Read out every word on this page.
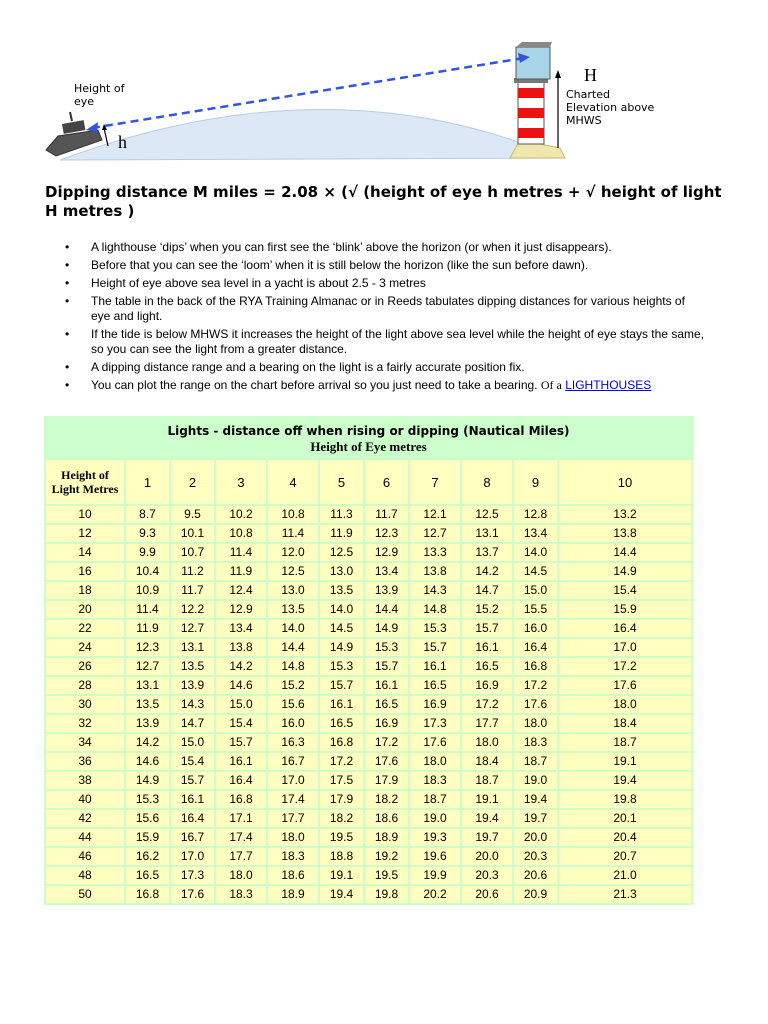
Height of eye
h
H
Charted Elevation above MHWS
Dipping distance M miles = 2.08 × (√ (height of eye h metres + √ height of light H metres )
• A lighthouse ‘dips’ when you can first see the ‘blink’ above the horizon (or when it just disappears).
• Before that you can see the ‘loom’ when it is still below the horizon (like the sun before dawn).
• Height of eye above sea level in a yacht is about 2.5 - 3 metres
• The table in the back of the RYA Training Almanac or in Reeds tabulates dipping distances for various heights of eye and light.
• If the tide is below MHWS it increases the height of the light above sea level while the height of eye stays the same, so you can see the light from a greater distance.
• A dipping distance range and a bearing on the light is a fairly accurate position fix.
• You can plot the range on the chart before arrival so you just need to take a bearing. Of a LIGHTHOUSES
Lights - distance off when rising or dipping (Nautical Miles)
Height of Eye metres										

Height of Light Metres	1	2	3	4	5	6	7	8	9	10
10	8.7	9.5	10.2	10.8	11.3	11.7	12.1	12.5	12.8	13.2
12	9.3	10.1	10.8	11.4	11.9	12.3	12.7	13.1	13.4	13.8
14	9.9	10.7	11.4	12.0	12.5	12.9	13.3	13.7	14.0	14.4
16	10.4	11.2	11.9	12.5	13.0	13.4	13.8	14.2	14.5	14.9
18	10.9	11.7	12.4	13.0	13.5	13.9	14.3	14.7	15.0	15.4
20	11.4	12.2	12.9	13.5	14.0	14.4	14.8	15.2	15.5	15.9
22	11.9	12.7	13.4	14.0	14.5	14.9	15.3	15.7	16.0	16.4
24	12.3	13.1	13.8	14.4	14.9	15.3	15.7	16.1	16.4	17.0
26	12.7	13.5	14.2	14.8	15.3	15.7	16.1	16.5	16.8	17.2
28	13.1	13.9	14.6	15.2	15.7	16.1	16.5	16.9	17.2	17.6
30	13.5	14.3	15.0	15.6	16.1	16.5	16.9	17.2	17.6	18.0
32	13.9	14.7	15.4	16.0	16.5	16.9	17.3	17.7	18.0	18.4
34	14.2	15.0	15.7	16.3	16.8	17.2	17.6	18.0	18.3	18.7
36	14.6	15.4	16.1	16.7	17.2	17.6	18.0	18.4	18.7	19.1
38	14.9	15.7	16.4	17.0	17.5	17.9	18.3	18.7	19.0	19.4
40	15.3	16.1	16.8	17.4	17.9	18.2	18.7	19.1	19.4	19.8
42	15.6	16.4	17.1	17.7	18.2	18.6	19.0	19.4	19.7	20.1
44	15.9	16.7	17.4	18.0	19.5	18.9	19.3	19.7	20.0	20.4
46	16.2	17.0	17.7	18.3	18.8	19.2	19.6	20.0	20.3	20.7
48	16.5	17.3	18.0	18.6	19.1	19.5	19.9	20.3	20.6	21.0
50	16.8	17.6	18.3	18.9	19.4	19.8	20.2	20.6	20.9	21.3
